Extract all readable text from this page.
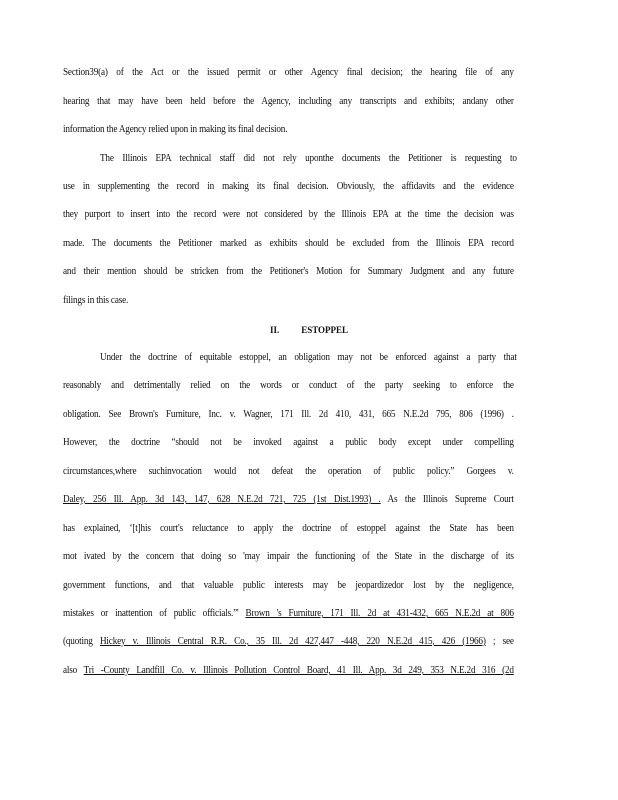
Section39(a) of the Act or the issued permit or other Agency final decision; the hearing file of any
hearing that may have been held before the Agency, including any transcripts and exhibits; andany other
information the Agency relied upon in making its final decision.
The Illinois EPA technical staff did not rely uponthe documents the Petitioner is requesting to
use in supplementing the record in making its final decision. Obviously, the affidavits and the evidence
they purport to insert into the record were not considered by the Illinois EPA at the time the decision was
made. The documents the Petitioner marked as exhibits should be excluded from the Illinois EPA record
and their mention should be stricken from the Petitioner's Motion for Summary Judgment and any future
filings in this case.
II. ESTOPPEL
Under the doctrine of equitable estoppel, an obligation may not be enforced against a party that
reasonably and detrimentally relied on the words or conduct of the party seeking to enforce the
obligation. See Brown's Furniture, Inc. v. Wagner, 171 Ill. 2d 410, 431, 665 N.E.2d 795, 806 (1996) .
However, the doctrine “should not be invoked against a public body except under compelling
circumstances,where suchinvocation would not defeat the operation of public policy.” Gorgees v.
Daley, 256 Ill. App. 3d 143, 147, 628 N.E.2d 721, 725 (1st Dist.1993) . As the Illinois Supreme Court
has explained, ‘[t]his court's reluctance to apply the doctrine of estoppel against the State has been
mot ivated by the concern that doing so 'may impair the functioning of the State in the discharge of its
government functions, and that valuable public interests may be jeopardizedor lost by the negligence,
mistakes or inattention of public officials.”' Brown 's Furniture, 171 Ill. 2d at 431-432, 665 N.E.2d at 806
(quoting Hickey v. Illinois Central R.R. Co., 35 Ill. 2d 427,447 -448, 220 N.E.2d 415, 426 (1966) ; see
also Tri -County Landfill Co. v. Illinois Pollution Control Board, 41 Ill. App. 3d 249, 353 N.E.2d 316 (2d
